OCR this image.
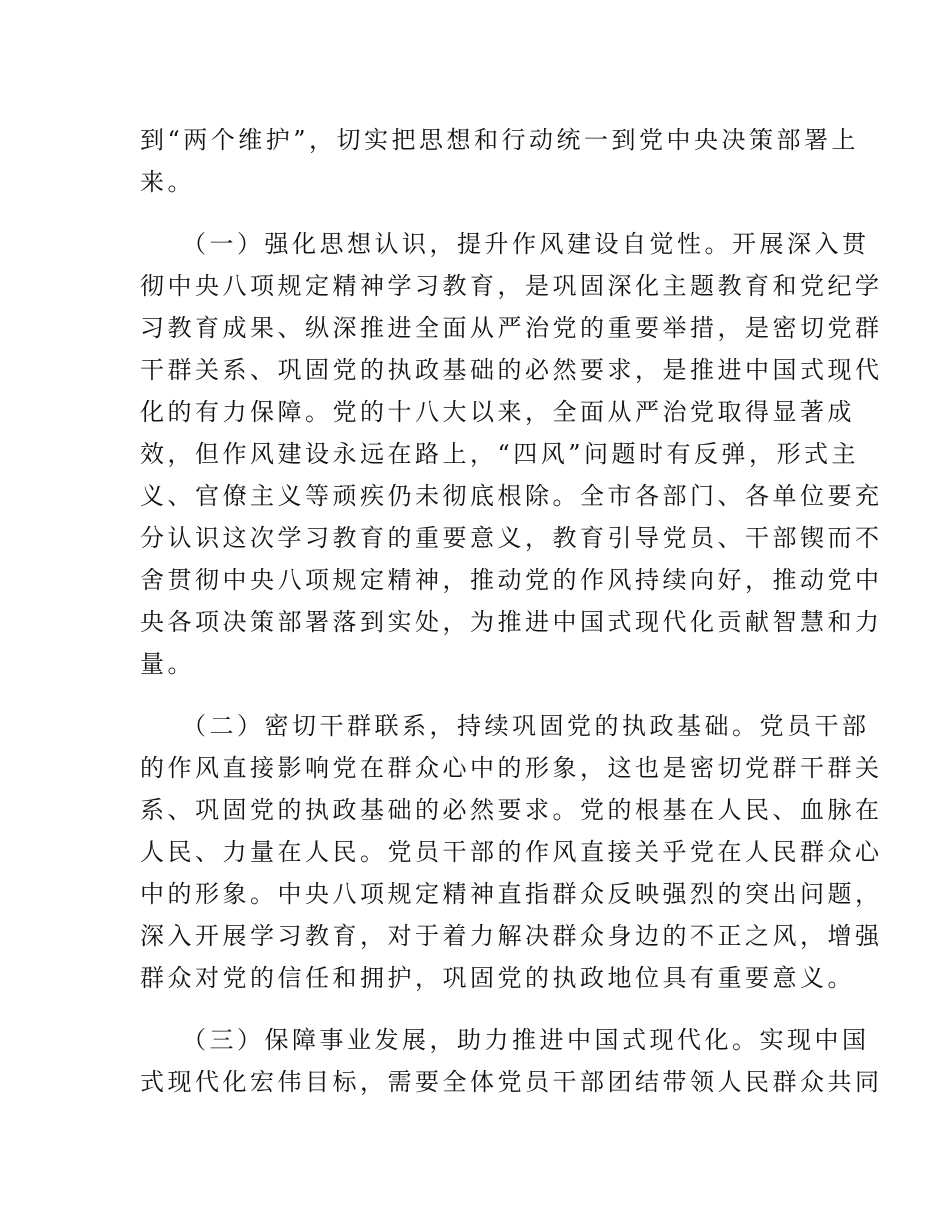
到“两个维护”，切实把思想和行动统一到党中央决策部署上
来。
（一）强化思想认识，提升作风建设自觉性。开展深入贯
彻中央八项规定精神学习教育，是巩固深化主题教育和党纪学
习教育成果、纵深推进全面从严治党的重要举措，是密切党群
干群关系、巩固党的执政基础的必然要求，是推进中国式现代
化的有力保障。党的十八大以来，全面从严治党取得显著成
效，但作风建设永远在路上，“四风”问题时有反弹，形式主
义、官僚主义等顽疾仍未彻底根除。全市各部门、各单位要充
分认识这次学习教育的重要意义，教育引导党员、干部锲而不
舍贯彻中央八项规定精神，推动党的作风持续向好，推动党中
央各项决策部署落到实处，为推进中国式现代化贡献智慧和力
量。
（二）密切干群联系，持续巩固党的执政基础。党员干部
的作风直接影响党在群众心中的形象，这也是密切党群干群关
系、巩固党的执政基础的必然要求。党的根基在人民、血脉在
人民、力量在人民。党员干部的作风直接关乎党在人民群众心
中的形象。中央八项规定精神直指群众反映强烈的突出问题，
深入开展学习教育，对于着力解决群众身边的不正之风，增强
群众对党的信任和拥护，巩固党的执政地位具有重要意义。
（三）保障事业发展，助力推进中国式现代化。实现中国
式现代化宏伟目标，需要全体党员干部团结带领人民群众共同
